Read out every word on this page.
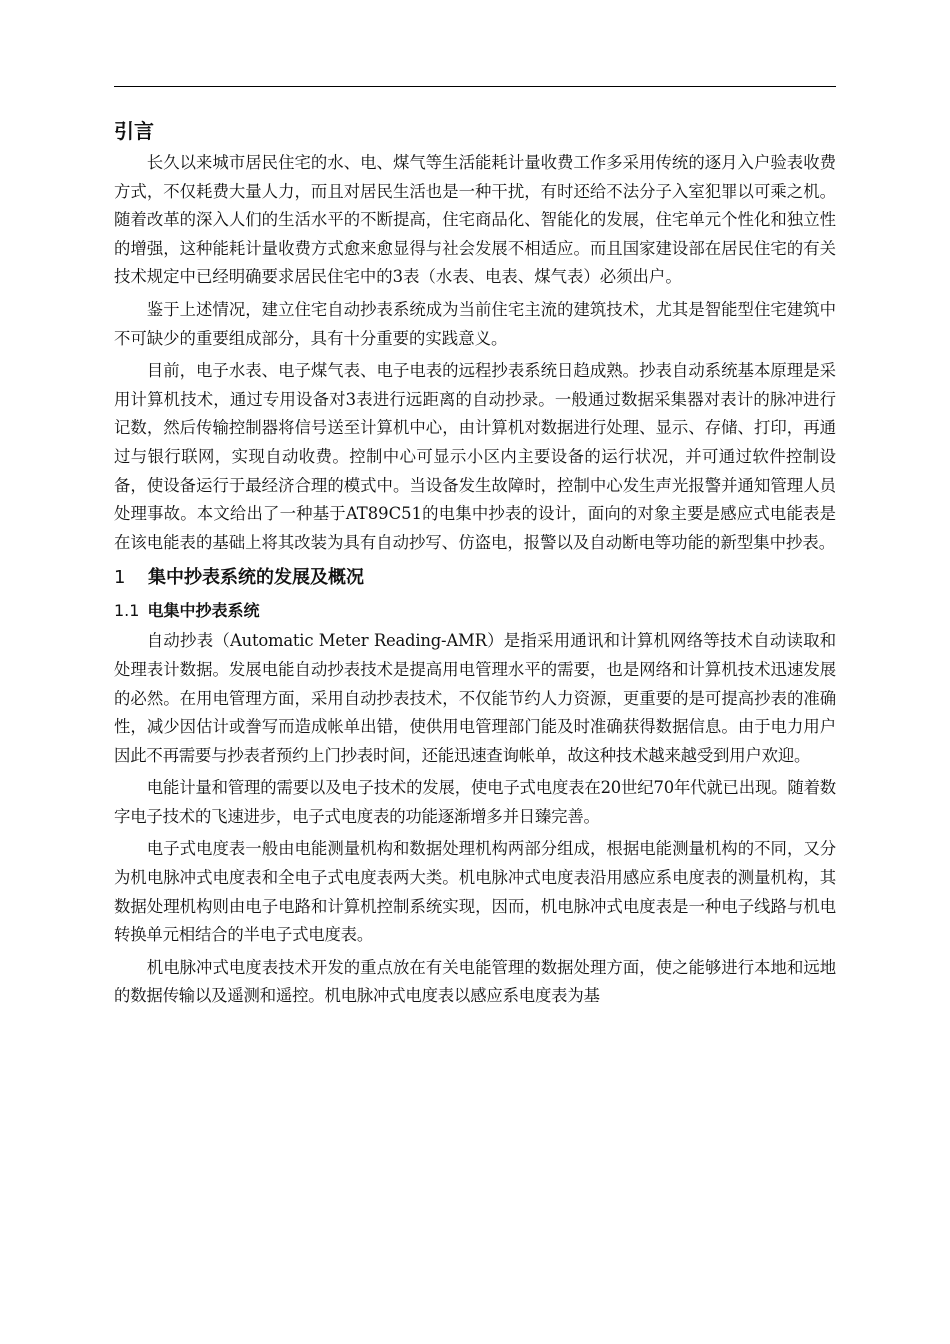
引言

长久以来城市居民住宅的水、电、煤气等生活能耗计量收费工作多采用传统的逐月入户验表收费方式，不仅耗费大量人力，而且对居民生活也是一种干扰，有时还给不法分子入室犯罪以可乘之机。随着改革的深入人们的生活水平的不断提高，住宅商品化、智能化的发展，住宅单元个性化和独立性的增强，这种能耗计量收费方式愈来愈显得与社会发展不相适应。而且国家建设部在居民住宅的有关技术规定中已经明确要求居民住宅中的3表（水表、电表、煤气表）必须出户。

鉴于上述情况，建立住宅自动抄表系统成为当前住宅主流的建筑技术，尤其是智能型住宅建筑中不可缺少的重要组成部分，具有十分重要的实践意义。

目前，电子水表、电子煤气表、电子电表的远程抄表系统日趋成熟。抄表自动系统基本原理是采用计算机技术，通过专用设备对3表进行远距离的自动抄录。一般通过数据采集器对表计的脉冲进行记数，然后传输控制器将信号送至计算机中心，由计算机对数据进行处理、显示、存储、打印，再通过与银行联网，实现自动收费。控制中心可显示小区内主要设备的运行状况，并可通过软件控制设备，使设备运行于最经济合理的模式中。当设备发生故障时，控制中心发生声光报警并通知管理人员处理事故。本文给出了一种基于AT89C51的电集中抄表的设计，面向的对象主要是感应式电能表是在该电能表的基础上将其改装为具有自动抄写、仿盗电，报警以及自动断电等功能的新型集中抄表。

1 集中抄表系统的发展及概况
1.1 电集中抄表系统

自动抄表（Automatic Meter Reading-AMR）是指采用通讯和计算机网络等技术自动读取和处理表计数据。发展电能自动抄表技术是提高用电管理水平的需要，也是网络和计算机技术迅速发展的必然。在用电管理方面，采用自动抄表技术，不仅能节约人力资源，更重要的是可提高抄表的准确性，减少因估计或誊写而造成帐单出错，使供用电管理部门能及时准确获得数据信息。由于电力用户因此不再需要与抄表者预约上门抄表时间，还能迅速查询帐单，故这种技术越来越受到用户欢迎。

电能计量和管理的需要以及电子技术的发展，使电子式电度表在20世纪70年代就已出现。随着数字电子技术的飞速进步，电子式电度表的功能逐渐增多并日臻完善。

电子式电度表一般由电能测量机构和数据处理机构两部分组成，根据电能测量机构的不同，又分为机电脉冲式电度表和全电子式电度表两大类。机电脉冲式电度表沿用感应系电度表的测量机构，其数据处理机构则由电子电路和计算机控制系统实现，因而，机电脉冲式电度表是一种电子线路与机电转换单元相结合的半电子式电度表。

机电脉冲式电度表技术开发的重点放在有关电能管理的数据处理方面，使之能够进行本地和远地的数据传输以及遥测和遥控。机电脉冲式电度表以感应系电度表为基
